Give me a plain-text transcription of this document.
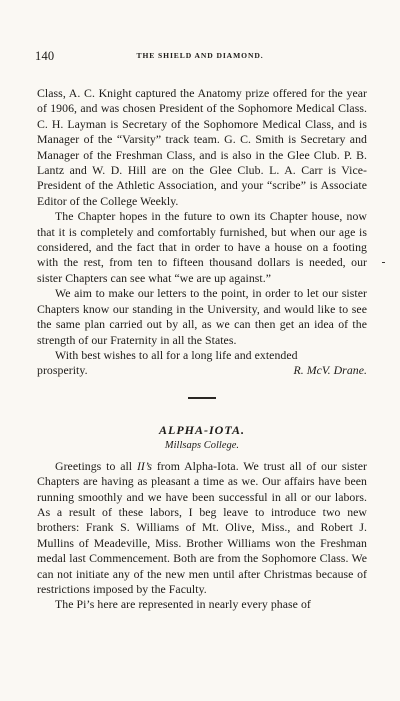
140	THE SHIELD AND DIAMOND.

Class, A. C. Knight captured the Anatomy prize offered for the year of 1906, and was chosen President of the Sophomore Medical Class. C. H. Layman is Secretary of the Sophomore Medical Class, and is Manager of the “Varsity” track team. G. C. Smith is Secretary and Manager of the Freshman Class, and is also in the Glee Club. P. B. Lantz and W. D. Hill are on the Glee Club. L. A. Carr is Vice-President of the Athletic Association, and your “scribe” is Associate Editor of the College Weekly.

The Chapter hopes in the future to own its Chapter house, now that it is completely and comfortably furnished, but when our age is considered, and the fact that in order to have a house on a footing with the rest, from ten to fifteen thousand dollars is needed, our sister Chapters can see what “we are up against.”

We aim to make our letters to the point, in order to let our sister Chapters know our standing in the University, and would like to see the same plan carried out by all, as we can then get an idea of the strength of our Fraternity in all the States.

With best wishes to all for a long life and extended

prosperity.	R. McV. Drane.

ALPHA-IOTA.

Millsaps College.

Greetings to all II’s from Alpha-Iota. We trust all of our sister Chapters are having as pleasant a time as we. Our affairs have been running smoothly and we have been successful in all or our labors. As a result of these labors, I beg leave to introduce two new brothers: Frank S. Williams of Mt. Olive, Miss., and Robert J. Mullins of Meadeville, Miss. Brother Williams won the Freshman medal last Commencement. Both are from the Sophomore Class. We can not initiate any of the new men until after Christmas because of restrictions imposed by the Faculty.

The Pi’s here are represented in nearly every phase of
